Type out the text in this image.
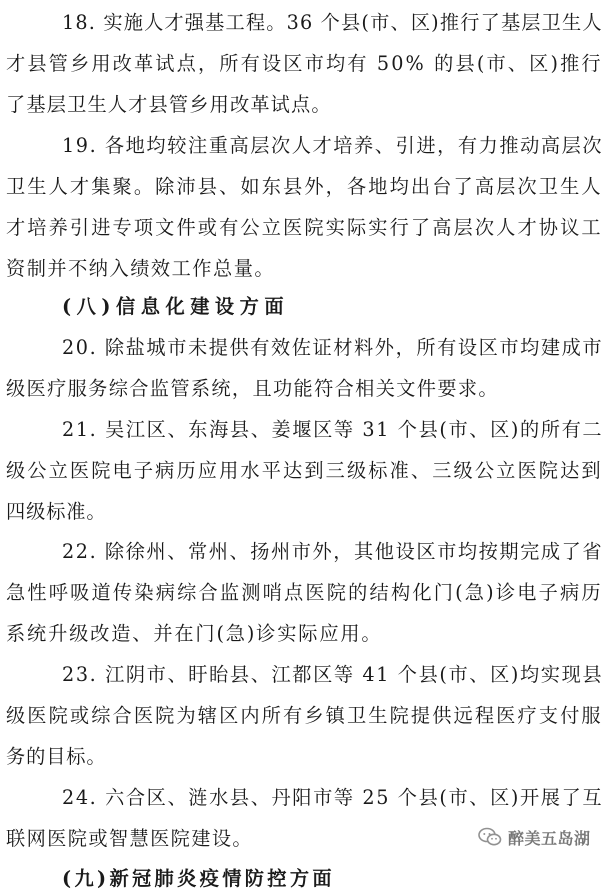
18. 实施人才强基工程。36 个县(市、区)推行了基层卫生人
才县管乡用改革试点，所有设区市均有 50% 的县(市、区)推行
了基层卫生人才县管乡用改革试点。
19. 各地均较注重高层次人才培养、引进，有力推动高层次
卫生人才集聚。除沛县、如东县外，各地均出台了高层次卫生人
才培养引进专项文件或有公立医院实际实行了高层次人才协议工
资制并不纳入绩效工作总量。
(八)信息化建设方面
20. 除盐城市未提供有效佐证材料外，所有设区市均建成市
级医疗服务综合监管系统，且功能符合相关文件要求。
21. 吴江区、东海县、姜堰区等 31 个县(市、区)的所有二
级公立医院电子病历应用水平达到三级标准、三级公立医院达到
四级标准。
22. 除徐州、常州、扬州市外，其他设区市均按期完成了省
急性呼吸道传染病综合监测哨点医院的结构化门(急)诊电子病历
系统升级改造、并在门(急)诊实际应用。
23. 江阴市、盱眙县、江都区等 41 个县(市、区)均实现县
级医院或综合医院为辖区内所有乡镇卫生院提供远程医疗支付服
务的目标。
24. 六合区、涟水县、丹阳市等 25 个县(市、区)开展了互
联网医院或智慧医院建设。
(九)新冠肺炎疫情防控方面
醉美五岛湖
